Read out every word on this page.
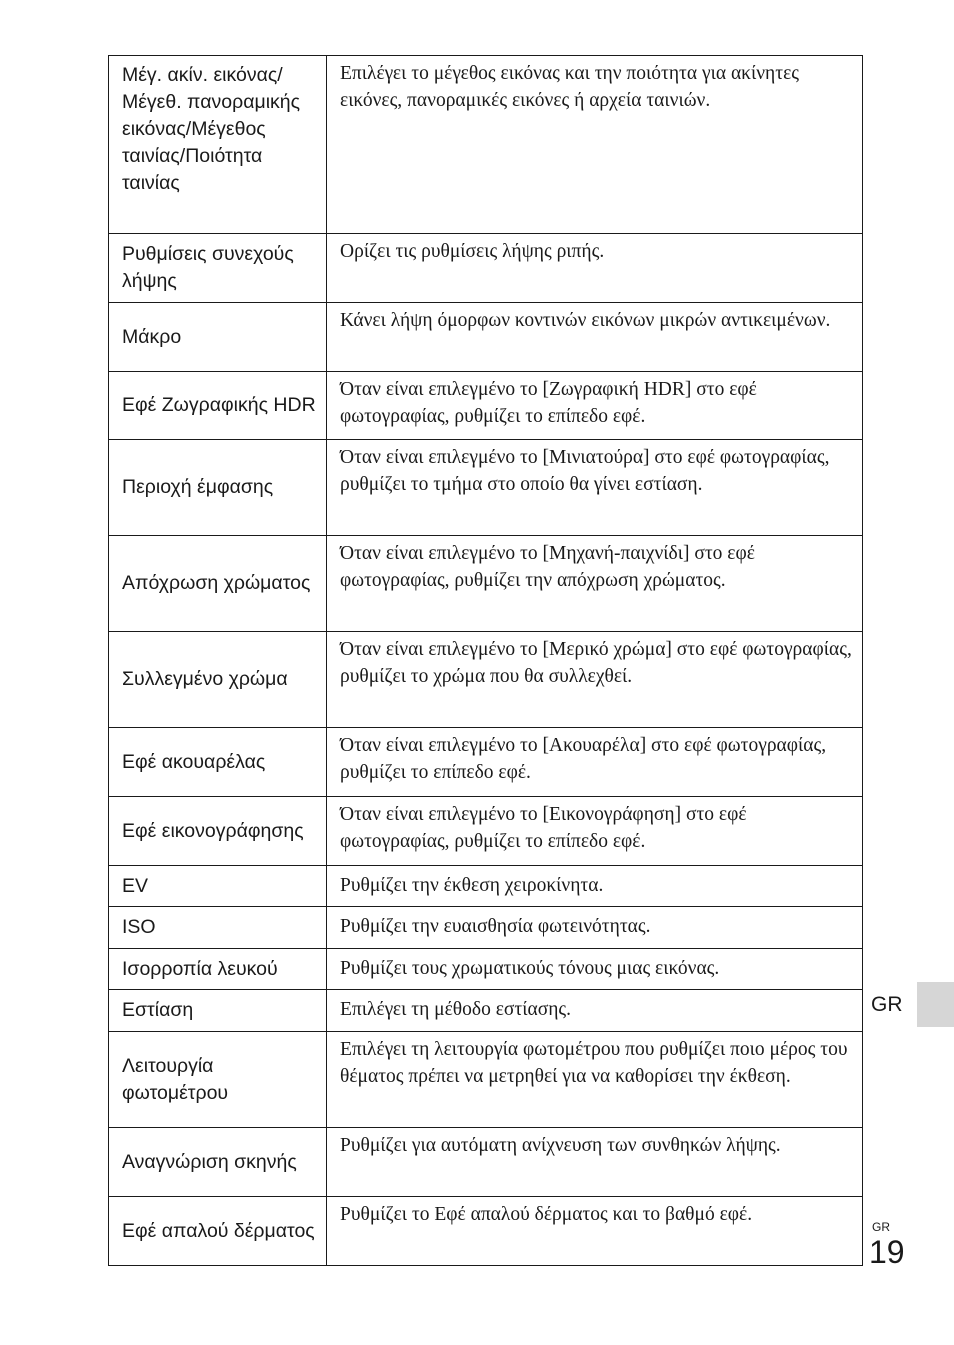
Μέγ. ακίν. εικόνας/Μέγεθ. πανοραμικής εικόνας/Μέγεθος ταινίας/Ποιότητα ταινίας	Επιλέγει το μέγεθος εικόνας και την ποιότητα για ακίνητες εικόνες, πανοραμικές εικόνες ή αρχεία ταινιών.
Ρυθμίσεις συνεχούς λήψης	Ορίζει τις ρυθμίσεις λήψης ριπής.
Μάκρο	Κάνει λήψη όμορφων κοντινών εικόνων μικρών αντικειμένων.
Εφέ Ζωγραφικής HDR	Όταν είναι επιλεγμένο το [Ζωγραφική HDR] στο εφέ φωτογραφίας, ρυθμίζει το επίπεδο εφέ.
Περιοχή έμφασης	Όταν είναι επιλεγμένο το [Μινιατούρα] στο εφέ φωτογραφίας, ρυθμίζει το τμήμα στο οποίο θα γίνει εστίαση.
Απόχρωση χρώματος	Όταν είναι επιλεγμένο το [Μηχανή-παιχνίδι] στο εφέ φωτογραφίας, ρυθμίζει την απόχρωση χρώματος.
Συλλεγμένο χρώμα	Όταν είναι επιλεγμένο το [Μερικό χρώμα] στο εφέ φωτογραφίας, ρυθμίζει το χρώμα που θα συλλεχθεί.
Εφέ ακουαρέλας	Όταν είναι επιλεγμένο το [Ακουαρέλα] στο εφέ φωτογραφίας, ρυθμίζει το επίπεδο εφέ.
Εφέ εικονογράφησης	Όταν είναι επιλεγμένο το [Εικονογράφηση] στο εφέ φωτογραφίας, ρυθμίζει το επίπεδο εφέ.
EV	Ρυθμίζει την έκθεση χειροκίνητα.
ISO	Ρυθμίζει την ευαισθησία φωτεινότητας.
Ισορροπία λευκού	Ρυθμίζει τους χρωματικούς τόνους μιας εικόνας.
Εστίαση	Επιλέγει τη μέθοδο εστίασης.
Λειτουργία φωτομέτρου	Επιλέγει τη λειτουργία φωτομέτρου που ρυθμίζει ποιο μέρος του θέματος πρέπει να μετρηθεί για να καθορίσει την έκθεση.
Αναγνώριση σκηνής	Ρυθμίζει για αυτόματη ανίχνευση των συνθηκών λήψης.
Εφέ απαλού δέρματος	Ρυθμίζει το Εφέ απαλού δέρματος και το βαθμό εφέ.
GR
GR
19
